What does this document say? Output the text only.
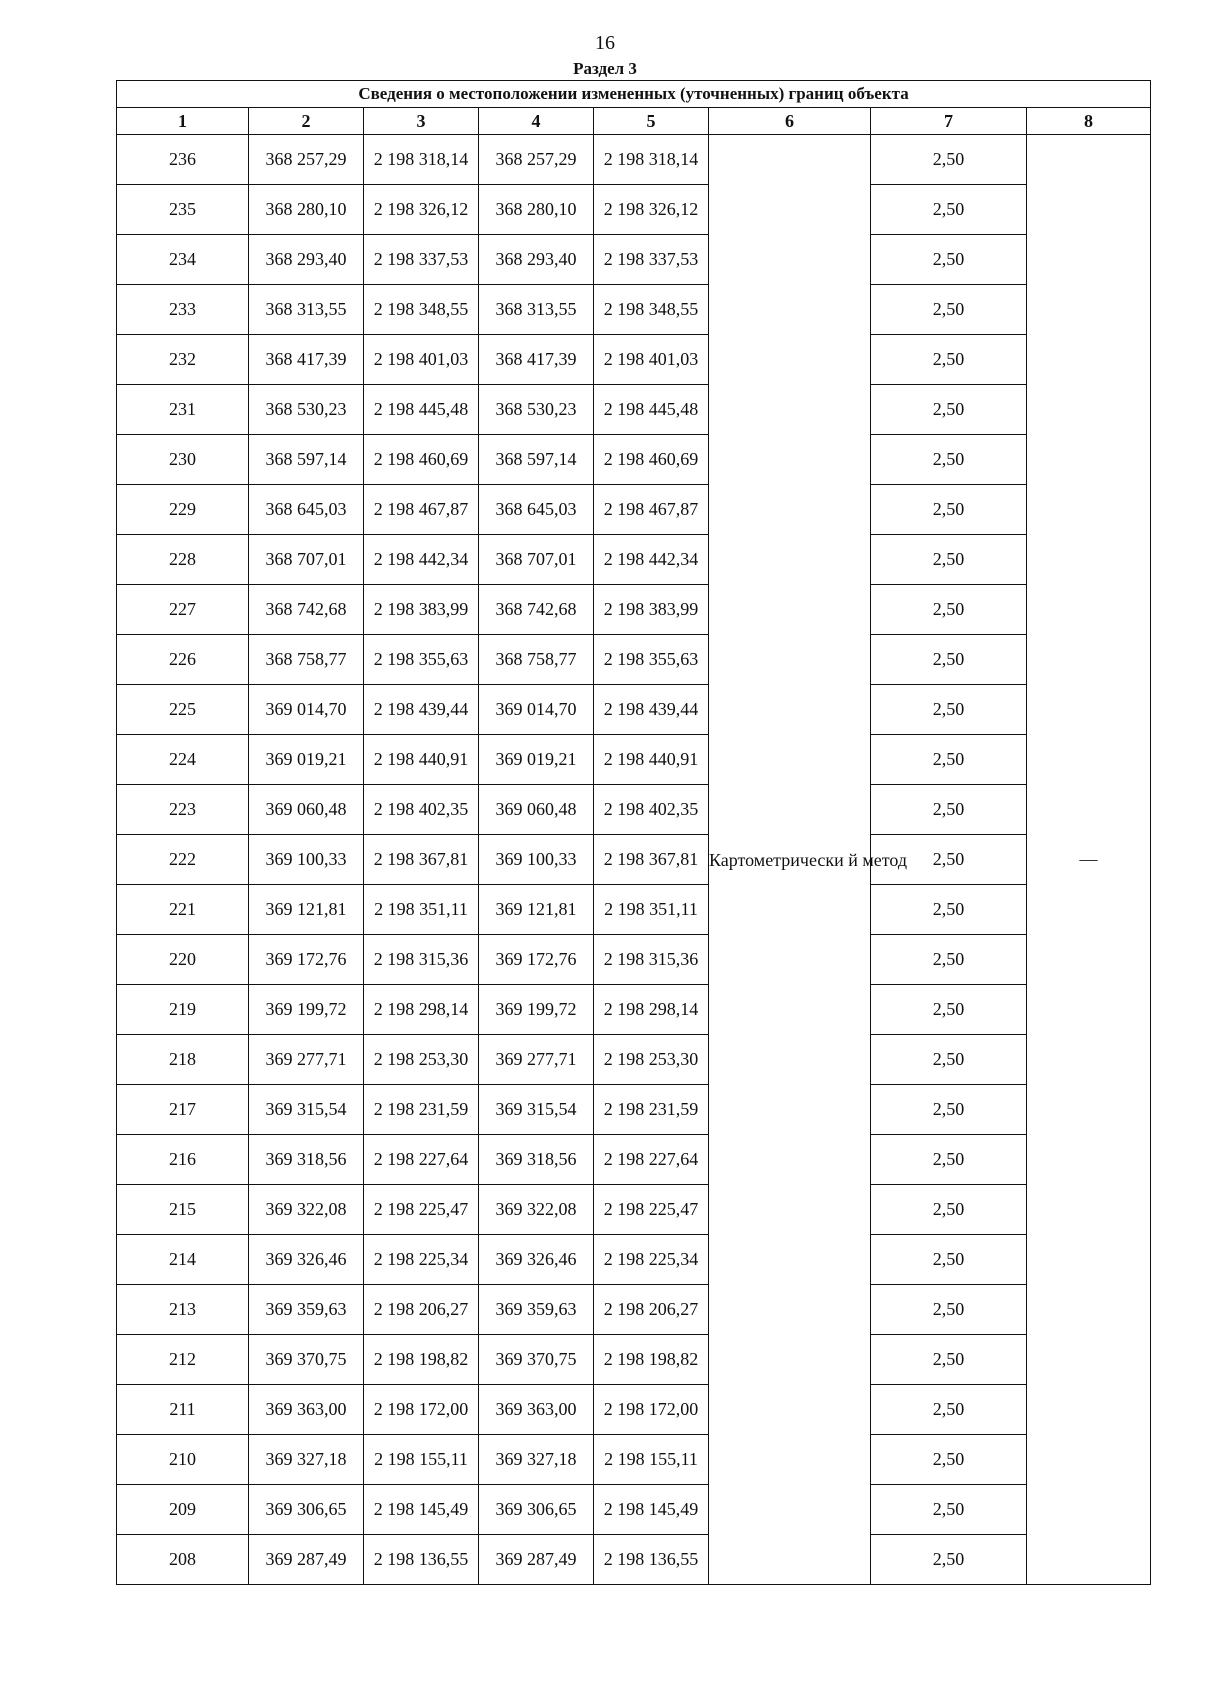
16
Раздел 3
Сведения о местоположении измененных (уточненных) границ объекта							
1	2	3	4	5	6	7	8
236	368 257,29	2 198 318,14	368 257,29	2 198 318,14	Картометрически й метод	2,50	—
235	368 280,10	2 198 326,12	368 280,10	2 198 326,12		2,50	
234	368 293,40	2 198 337,53	368 293,40	2 198 337,53		2,50	
233	368 313,55	2 198 348,55	368 313,55	2 198 348,55		2,50	
232	368 417,39	2 198 401,03	368 417,39	2 198 401,03		2,50	
231	368 530,23	2 198 445,48	368 530,23	2 198 445,48		2,50	
230	368 597,14	2 198 460,69	368 597,14	2 198 460,69		2,50	
229	368 645,03	2 198 467,87	368 645,03	2 198 467,87		2,50	
228	368 707,01	2 198 442,34	368 707,01	2 198 442,34		2,50	
227	368 742,68	2 198 383,99	368 742,68	2 198 383,99		2,50	
226	368 758,77	2 198 355,63	368 758,77	2 198 355,63		2,50	
225	369 014,70	2 198 439,44	369 014,70	2 198 439,44		2,50	
224	369 019,21	2 198 440,91	369 019,21	2 198 440,91		2,50	
223	369 060,48	2 198 402,35	369 060,48	2 198 402,35		2,50	
222	369 100,33	2 198 367,81	369 100,33	2 198 367,81		2,50	
221	369 121,81	2 198 351,11	369 121,81	2 198 351,11		2,50	
220	369 172,76	2 198 315,36	369 172,76	2 198 315,36		2,50	
219	369 199,72	2 198 298,14	369 199,72	2 198 298,14		2,50	
218	369 277,71	2 198 253,30	369 277,71	2 198 253,30		2,50	
217	369 315,54	2 198 231,59	369 315,54	2 198 231,59		2,50	
216	369 318,56	2 198 227,64	369 318,56	2 198 227,64		2,50	
215	369 322,08	2 198 225,47	369 322,08	2 198 225,47		2,50	
214	369 326,46	2 198 225,34	369 326,46	2 198 225,34		2,50	
213	369 359,63	2 198 206,27	369 359,63	2 198 206,27		2,50	
212	369 370,75	2 198 198,82	369 370,75	2 198 198,82		2,50	
211	369 363,00	2 198 172,00	369 363,00	2 198 172,00		2,50	
210	369 327,18	2 198 155,11	369 327,18	2 198 155,11		2,50	
209	369 306,65	2 198 145,49	369 306,65	2 198 145,49		2,50	
208	369 287,49	2 198 136,55	369 287,49	2 198 136,55		2,50	
